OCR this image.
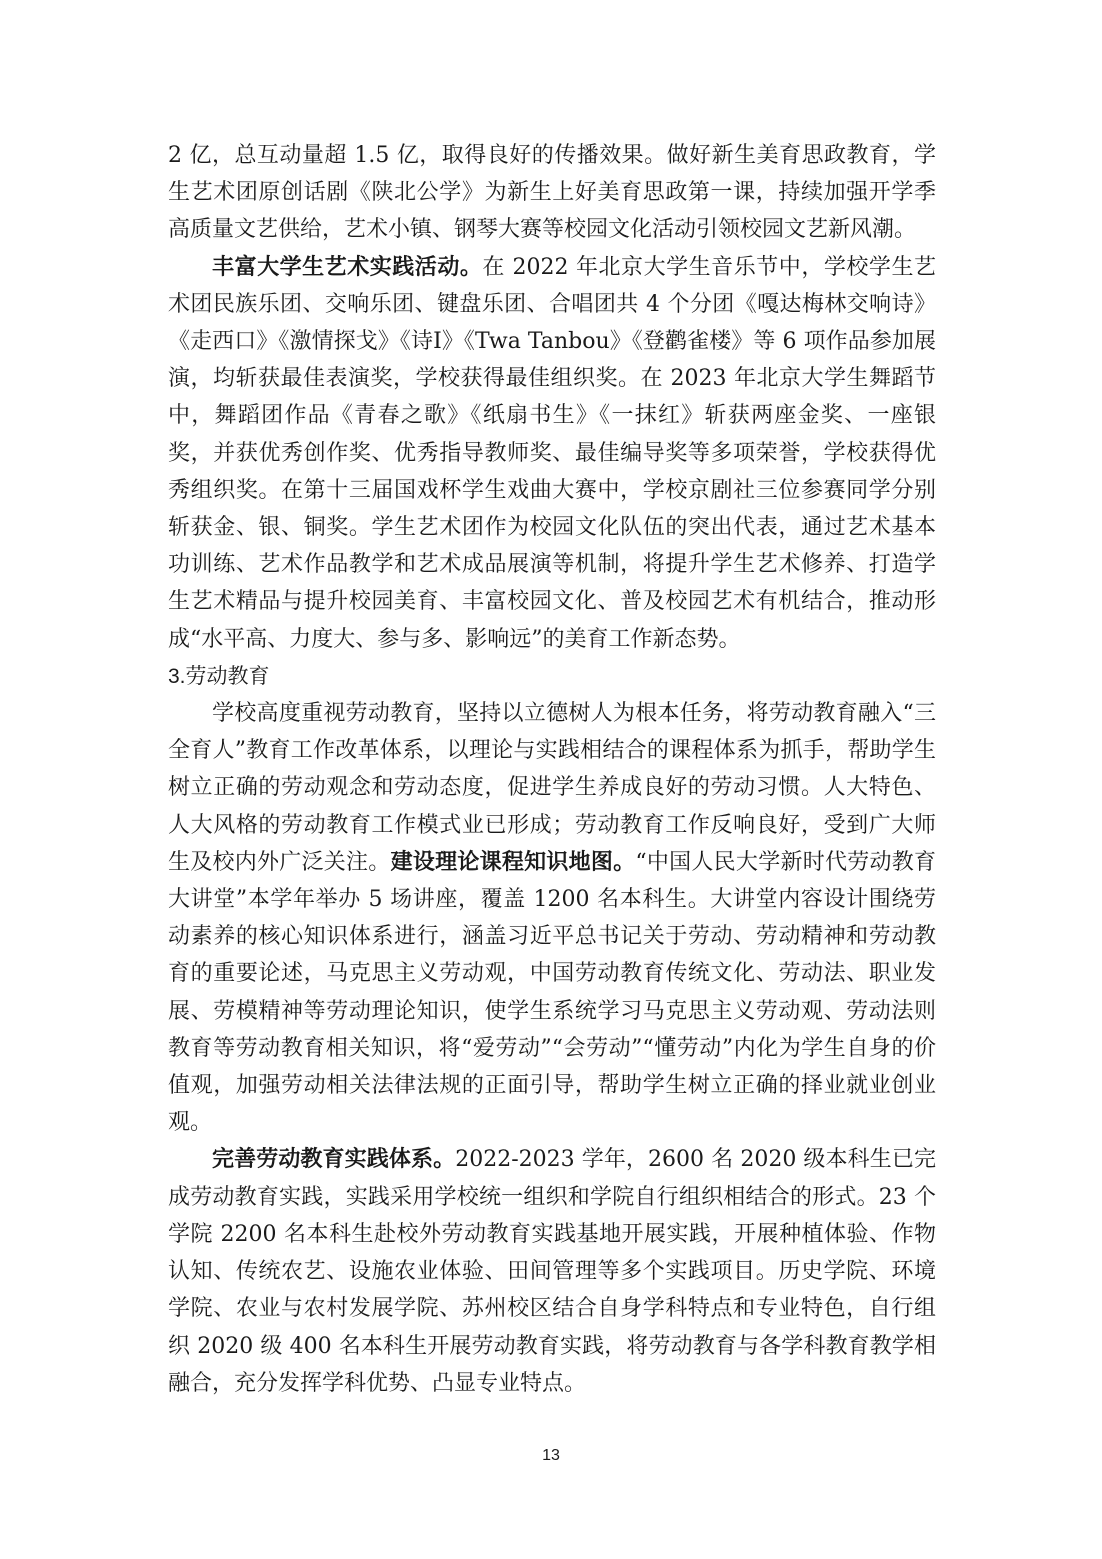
2 亿，总互动量超 1.5 亿，取得良好的传播效果。做好新生美育思政教育，学生艺术团原创话剧《陕北公学》为新生上好美育思政第一课，持续加强开学季高质量文艺供给，艺术小镇、钢琴大赛等校园文化活动引领校园文艺新风潮。

丰富大学生艺术实践活动。在 2022 年北京大学生音乐节中，学校学生艺术团民族乐团、交响乐团、键盘乐团、合唱团共 4 个分团《嘎达梅林交响诗》《走西口》《激情探戈》《诗Ⅰ》《Twa Tanbou》《登鹳雀楼》等 6 项作品参加展演，均斩获最佳表演奖，学校获得最佳组织奖。在 2023 年北京大学生舞蹈节中，舞蹈团作品《青春之歌》《纸扇书生》《一抹红》斩获两座金奖、一座银奖，并获优秀创作奖、优秀指导教师奖、最佳编导奖等多项荣誉，学校获得优秀组织奖。在第十三届国戏杯学生戏曲大赛中，学校京剧社三位参赛同学分别斩获金、银、铜奖。学生艺术团作为校园文化队伍的突出代表，通过艺术基本功训练、艺术作品教学和艺术成品展演等机制，将提升学生艺术修养、打造学生艺术精品与提升校园美育、丰富校园文化、普及校园艺术有机结合，推动形成“水平高、力度大、参与多、影响远”的美育工作新态势。

3.劳动教育

学校高度重视劳动教育，坚持以立德树人为根本任务，将劳动教育融入“三全育人”教育工作改革体系，以理论与实践相结合的课程体系为抓手，帮助学生树立正确的劳动观念和劳动态度，促进学生养成良好的劳动习惯。人大特色、人大风格的劳动教育工作模式业已形成；劳动教育工作反响良好，受到广大师生及校内外广泛关注。建设理论课程知识地图。“中国人民大学新时代劳动教育大讲堂”本学年举办 5 场讲座，覆盖 1200 名本科生。大讲堂内容设计围绕劳动素养的核心知识体系进行，涵盖习近平总书记关于劳动、劳动精神和劳动教育的重要论述，马克思主义劳动观，中国劳动教育传统文化、劳动法、职业发展、劳模精神等劳动理论知识，使学生系统学习马克思主义劳动观、劳动法则教育等劳动教育相关知识，将“爱劳动”“会劳动”“懂劳动”内化为学生自身的价值观，加强劳动相关法律法规的正面引导，帮助学生树立正确的择业就业创业观。

完善劳动教育实践体系。2022-2023 学年，2600 名 2020 级本科生已完成劳动教育实践，实践采用学校统一组织和学院自行组织相结合的形式。23 个学院 2200 名本科生赴校外劳动教育实践基地开展实践，开展种植体验、作物认知、传统农艺、设施农业体验、田间管理等多个实践项目。历史学院、环境学院、农业与农村发展学院、苏州校区结合自身学科特点和专业特色，自行组织 2020 级 400 名本科生开展劳动教育实践，将劳动教育与各学科教育教学相融合，充分发挥学科优势、凸显专业特点。

13
